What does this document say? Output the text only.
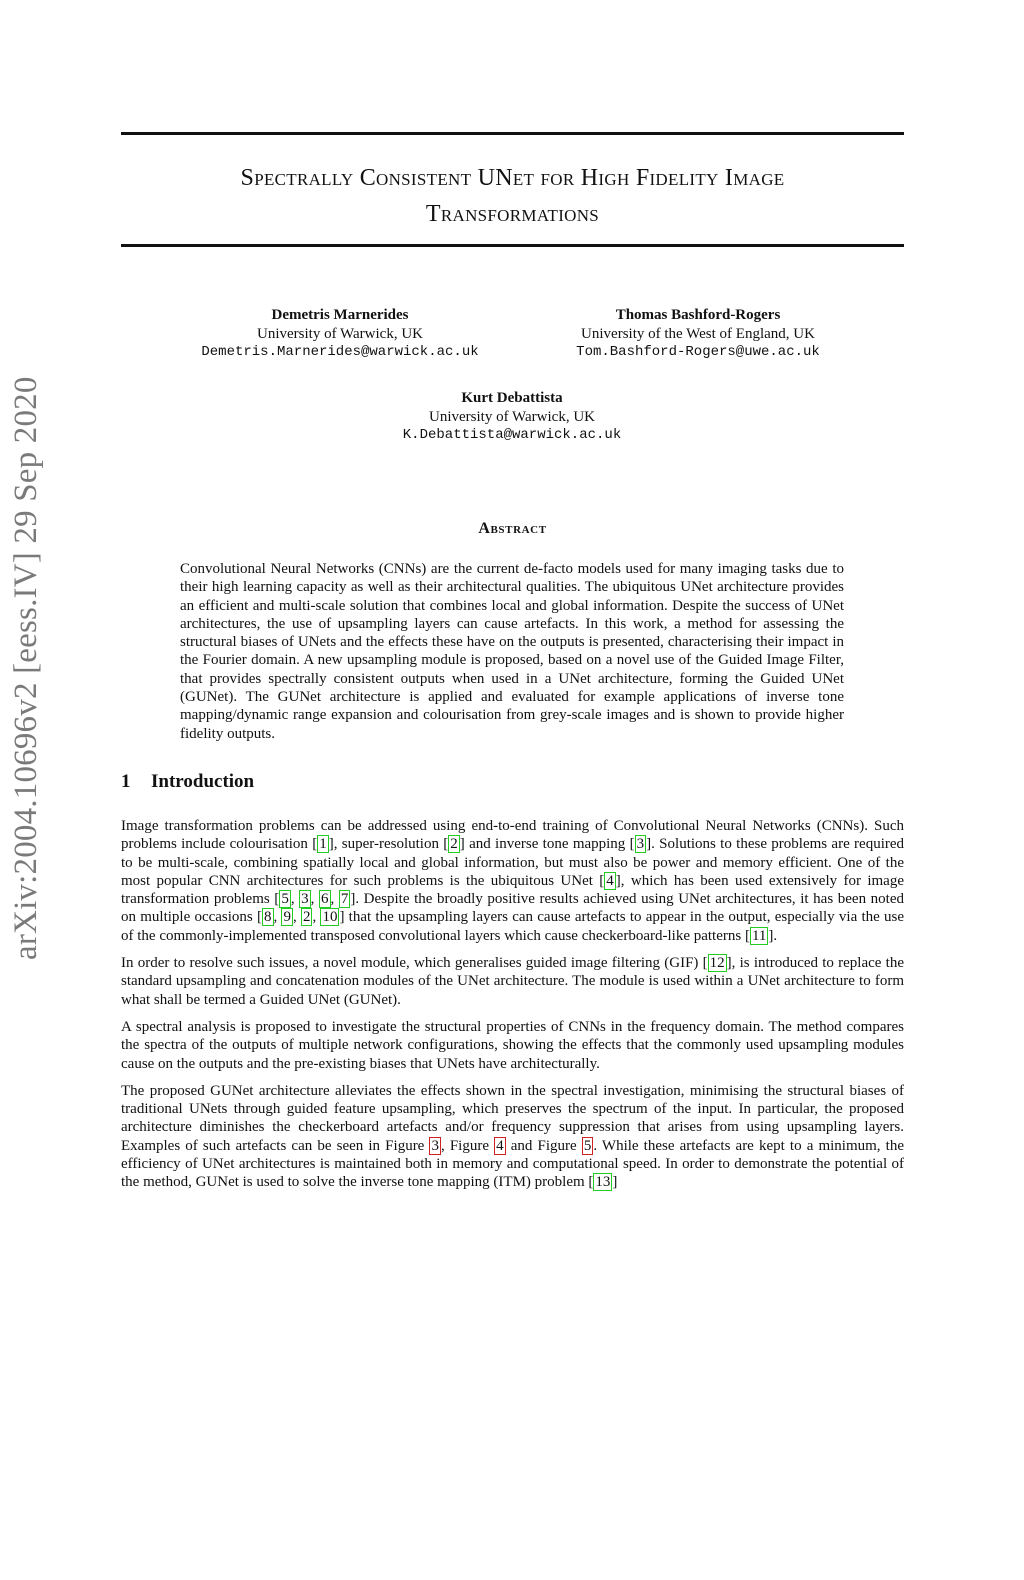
arXiv:2004.10696v2 [eess.IV] 29 Sep 2020
Spectrally Consistent UNet for High Fidelity Image
Transformations
Demetris Marnerides
University of Warwick, UK
Demetris.Marnerides@warwick.ac.uk
Thomas Bashford-Rogers
University of the West of England, UK
Tom.Bashford-Rogers@uwe.ac.uk
Kurt Debattista
University of Warwick, UK
K.Debattista@warwick.ac.uk
Abstract
Convolutional Neural Networks (CNNs) are the current de-facto models used for many imaging tasks due to their high learning capacity as well as their architectural qualities. The ubiquitous UNet architecture provides an efficient and multi-scale solution that combines local and global information. Despite the success of UNet architectures, the use of upsampling layers can cause artefacts. In this work, a method for assessing the structural biases of UNets and the effects these have on the outputs is presented, characterising their impact in the Fourier domain. A new upsampling module is proposed, based on a novel use of the Guided Image Filter, that provides spectrally consistent outputs when used in a UNet architecture, forming the Guided UNet (GUNet). The GUNet architecture is applied and evaluated for example applications of inverse tone mapping/dynamic range expansion and colourisation from grey-scale images and is shown to provide higher fidelity outputs.
1 Introduction

Image transformation problems can be addressed using end-to-end training of Convolutional Neural Networks (CNNs). Such problems include colourisation [ 1 ], super-resolution [ 2 ] and inverse tone mapping [ 3 ]. Solutions to these problems are required to be multi-scale, combining spatially local and global information, but must also be power and memory efficient. One of the most popular CNN architectures for such problems is the ubiquitous UNet [ 4 ], which has been used extensively for image transformation problems [ 5 , 3 , 6 , 7 ]. Despite the broadly positive results achieved using UNet architectures, it has been noted on multiple occasions [ 8 , 9 , 2 , 10 ] that the upsampling layers can cause artefacts to appear in the output, especially via the use of the commonly-implemented transposed convolutional layers which cause checkerboard-like patterns [ 11 ].

In order to resolve such issues, a novel module, which generalises guided image filtering (GIF) [ 12 ], is introduced to replace the standard upsampling and concatenation modules of the UNet architecture. The module is used within a UNet architecture to form what shall be termed a Guided UNet (GUNet).

A spectral analysis is proposed to investigate the structural properties of CNNs in the frequency domain. The method compares the spectra of the outputs of multiple network configurations, showing the effects that the commonly used upsampling modules cause on the outputs and the pre-existing biases that UNets have architecturally.

The proposed GUNet architecture alleviates the effects shown in the spectral investigation, minimising the structural biases of traditional UNets through guided feature upsampling, which preserves the spectrum of the input. In particular, the proposed architecture diminishes the checkerboard artefacts and/or frequency suppression that arises from using upsampling layers. Examples of such artefacts can be seen in Figure 3 , Figure 4 and Figure 5 . While these artefacts are kept to a minimum, the efficiency of UNet architectures is maintained both in memory and computational speed. In order to demonstrate the potential of the method, GUNet is used to solve the inverse tone mapping (ITM) problem [ 13 ]
